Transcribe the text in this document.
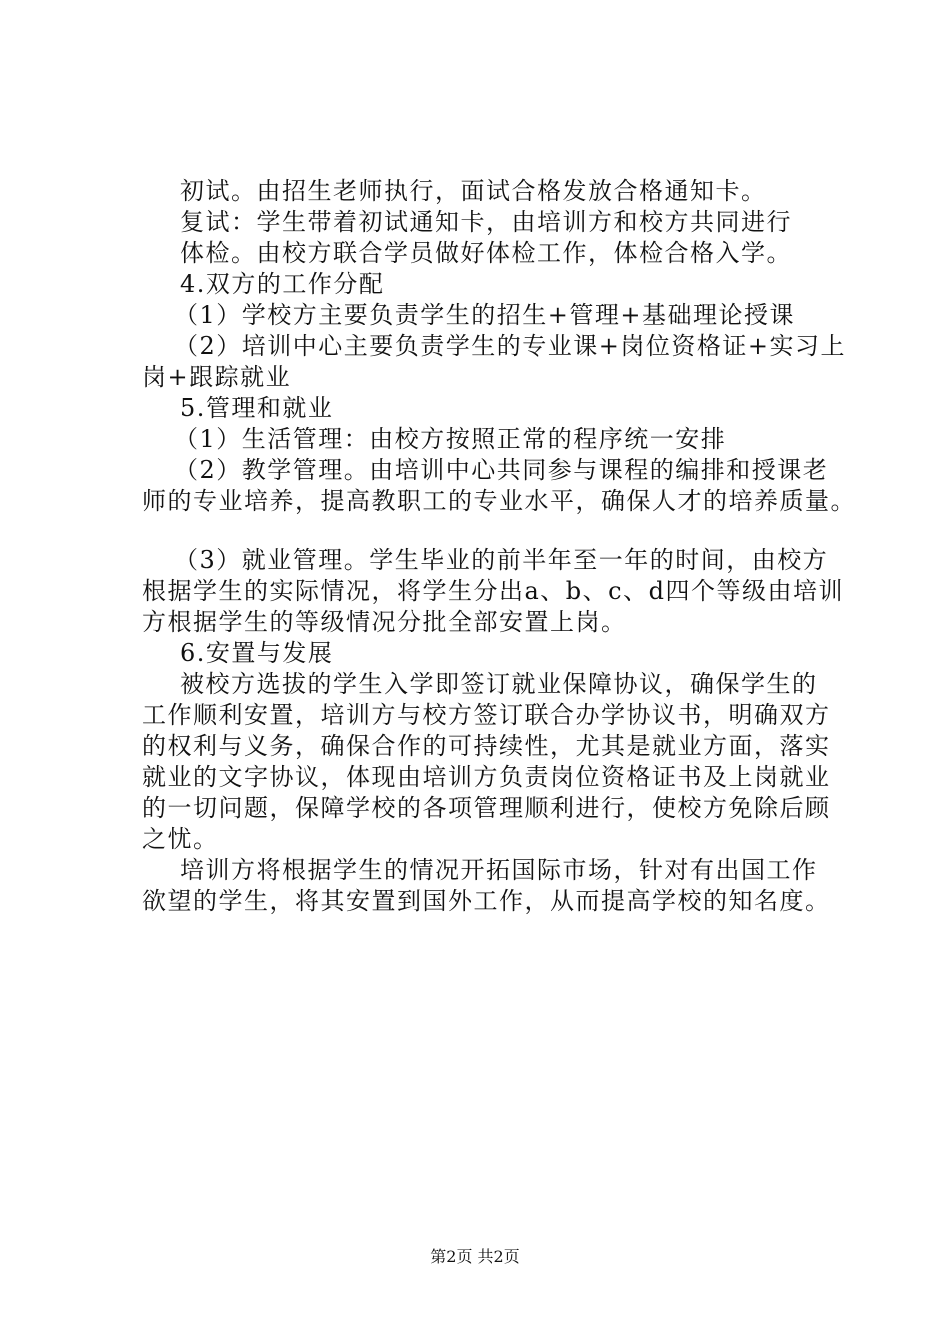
初试。由招生老师执行，面试合格发放合格通知卡。
复试：学生带着初试通知卡，由培训方和校方共同进行
体检。由校方联合学员做好体检工作，体检合格入学。
4.双方的工作分配
（1）学校方主要负责学生的招生+管理+基础理论授课
（2）培训中心主要负责学生的专业课+岗位资格证+实习上
岗+跟踪就业
5.管理和就业
（1）生活管理：由校方按照正常的程序统一安排
（2）教学管理。由培训中心共同参与课程的编排和授课老
师的专业培养，提高教职工的专业水平，确保人才的培养质量。
（3）就业管理。学生毕业的前半年至一年的时间，由校方
根据学生的实际情况，将学生分出a、b、c、d四个等级由培训
方根据学生的等级情况分批全部安置上岗。
6.安置与发展
被校方选拔的学生入学即签订就业保障协议，确保学生的
工作顺利安置，培训方与校方签订联合办学协议书，明确双方
的权利与义务，确保合作的可持续性，尤其是就业方面，落实
就业的文字协议，体现由培训方负责岗位资格证书及上岗就业
的一切问题，保障学校的各项管理顺利进行，使校方免除后顾
之忧。
培训方将根据学生的情况开拓国际市场，针对有出国工作
欲望的学生，将其安置到国外工作，从而提高学校的知名度。
第2页 共2页
